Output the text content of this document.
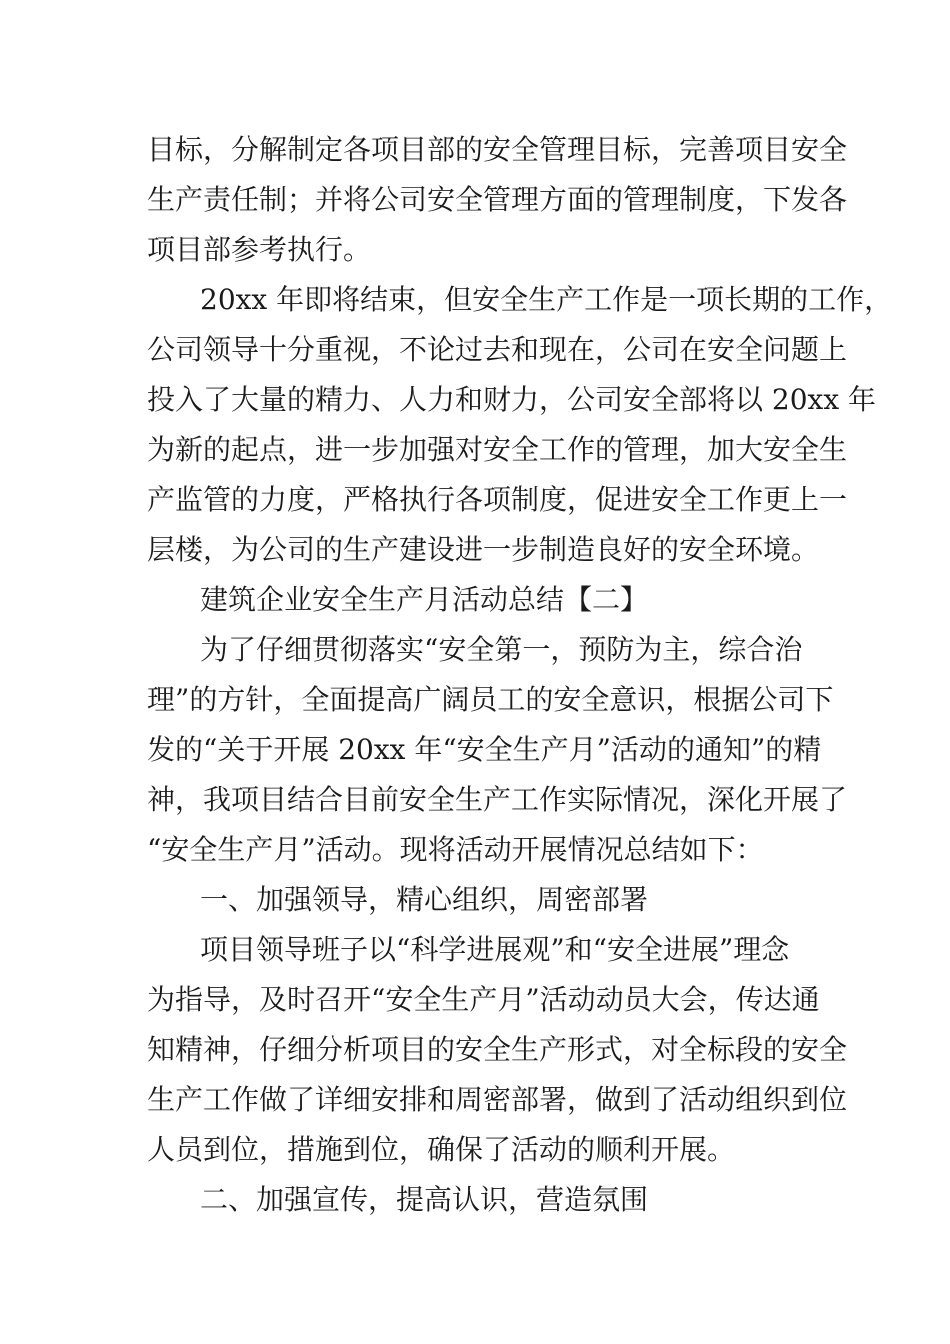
目标，分解制定各项目部的安全管理目标，完善项目安全
生产责任制；并将公司安全管理方面的管理制度，下发各
项目部参考执行。
20xx 年即将结束，但安全生产工作是一项长期的工作，
公司领导十分重视，不论过去和现在，公司在安全问题上
投入了大量的精力、人力和财力，公司安全部将以 20xx 年
为新的起点，进一步加强对安全工作的管理，加大安全生
产监管的力度，严格执行各项制度，促进安全工作更上一
层楼，为公司的生产建设进一步制造良好的安全环境。
建筑企业安全生产月活动总结【二】
为了仔细贯彻落实“安全第一，预防为主，综合治
理”的方针，全面提高广阔员工的安全意识，根据公司下
发的“关于开展 20xx 年“安全生产月”活动的通知”的精
神，我项目结合目前安全生产工作实际情况，深化开展了
“安全生产月”活动。现将活动开展情况总结如下：
一、加强领导，精心组织，周密部署
项目领导班子以“科学进展观”和“安全进展”理念
为指导，及时召开“安全生产月”活动动员大会，传达通
知精神，仔细分析项目的安全生产形式，对全标段的安全
生产工作做了详细安排和周密部署，做到了活动组织到位
人员到位，措施到位，确保了活动的顺利开展。
二、加强宣传，提高认识，营造氛围
